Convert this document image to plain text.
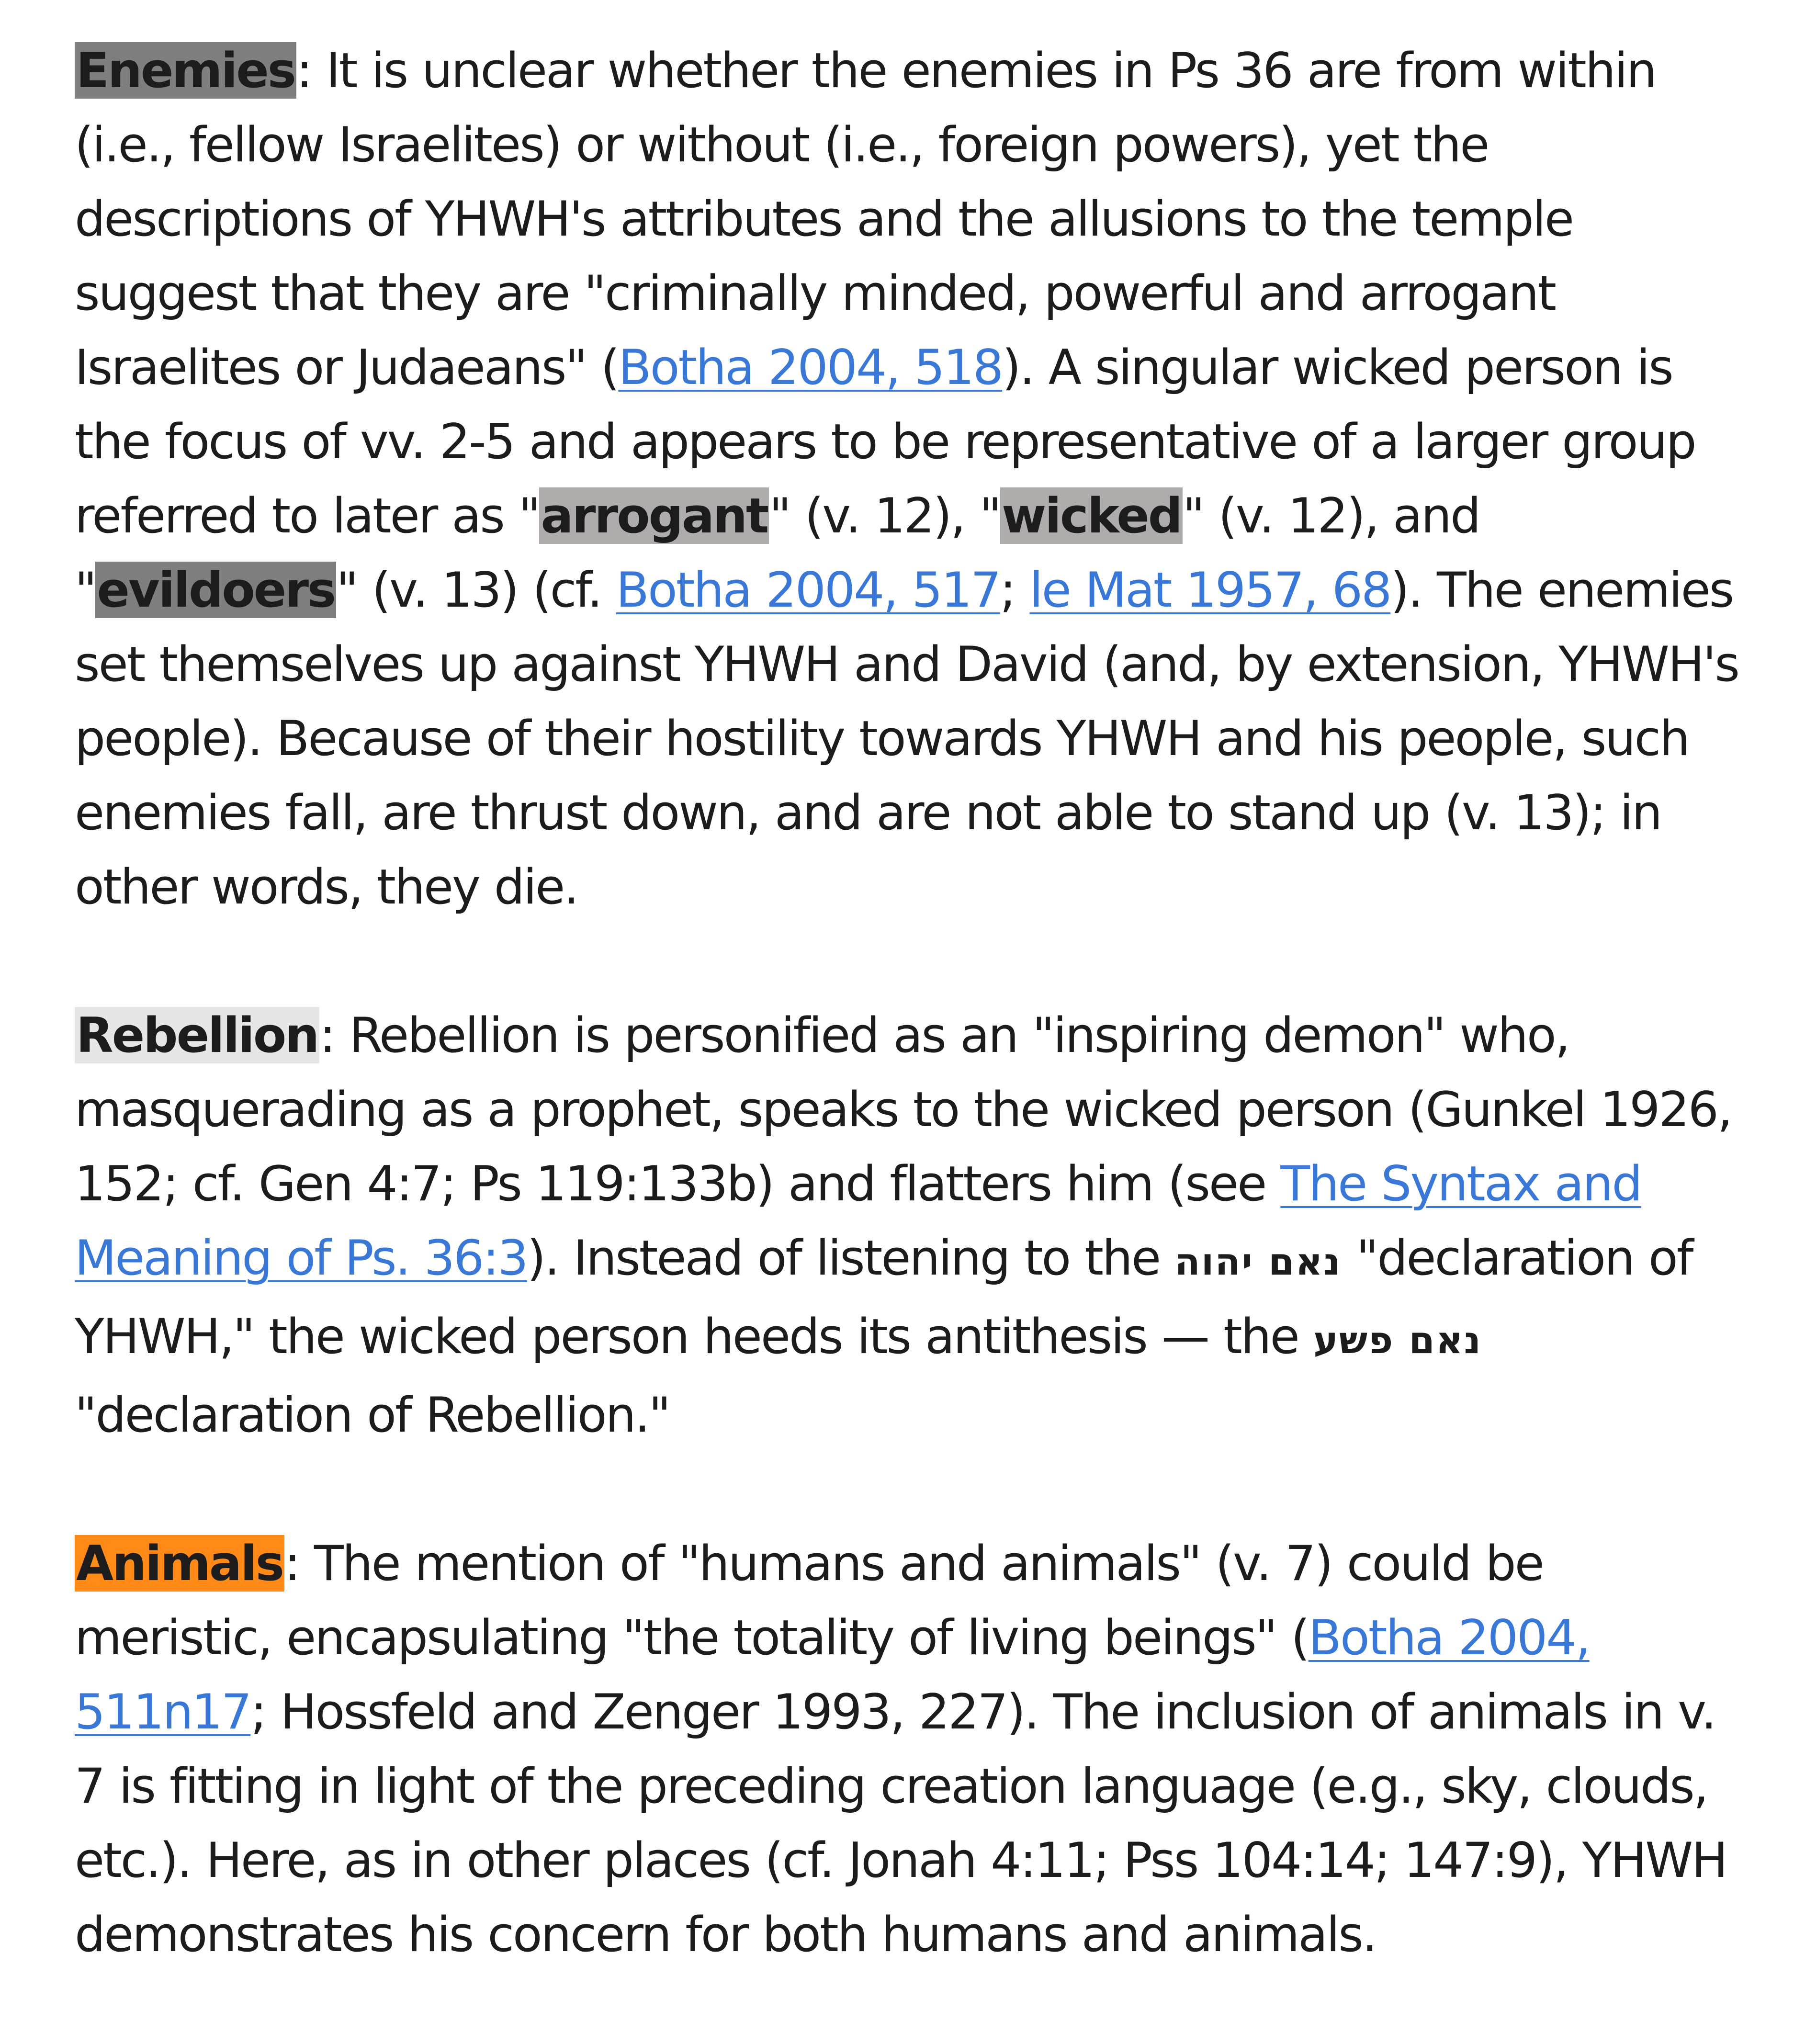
Enemies: It is unclear whether the enemies in Ps 36 are from within (i.e., fellow Israelites) or without (i.e., foreign powers), yet the descriptions of YHWH's attributes and the allusions to the temple suggest that they are "criminally minded, powerful and arrogant Israelites or Judaeans" (Botha 2004, 518). A singular wicked person is the focus of vv. 2-5 and appears to be representative of a larger group referred to later as "arrogant" (v. 12), "wicked" (v. 12), and "evildoers" (v. 13) (cf. Botha 2004, 517; le Mat 1957, 68). The enemies set themselves up against YHWH and David (and, by extension, YHWH's people). Because of their hostility towards YHWH and his people, such enemies fall, are thrust down, and are not able to stand up (v. 13); in other words, they die.

Rebellion: Rebellion is personified as an "inspiring demon" who, masquerading as a prophet, speaks to the wicked person (Gunkel 1926, 152; cf. Gen 4:7; Ps 119:133b) and flatters him (see The Syntax and Meaning of Ps. 36:3). Instead of listening to the נאם יהוה "declaration of YHWH," the wicked person heeds its antithesis — the נאם פשע "declaration of Rebellion."

Animals: The mention of "humans and animals" (v. 7) could be meristic, encapsulating "the totality of living beings" (Botha 2004, 511n17; Hossfeld and Zenger 1993, 227). The inclusion of animals in v. 7 is fitting in light of the preceding creation language (e.g., sky, clouds, etc.). Here, as in other places (cf. Jonah 4:11; Pss 104:14; 147:9), YHWH demonstrates his concern for both humans and animals.
